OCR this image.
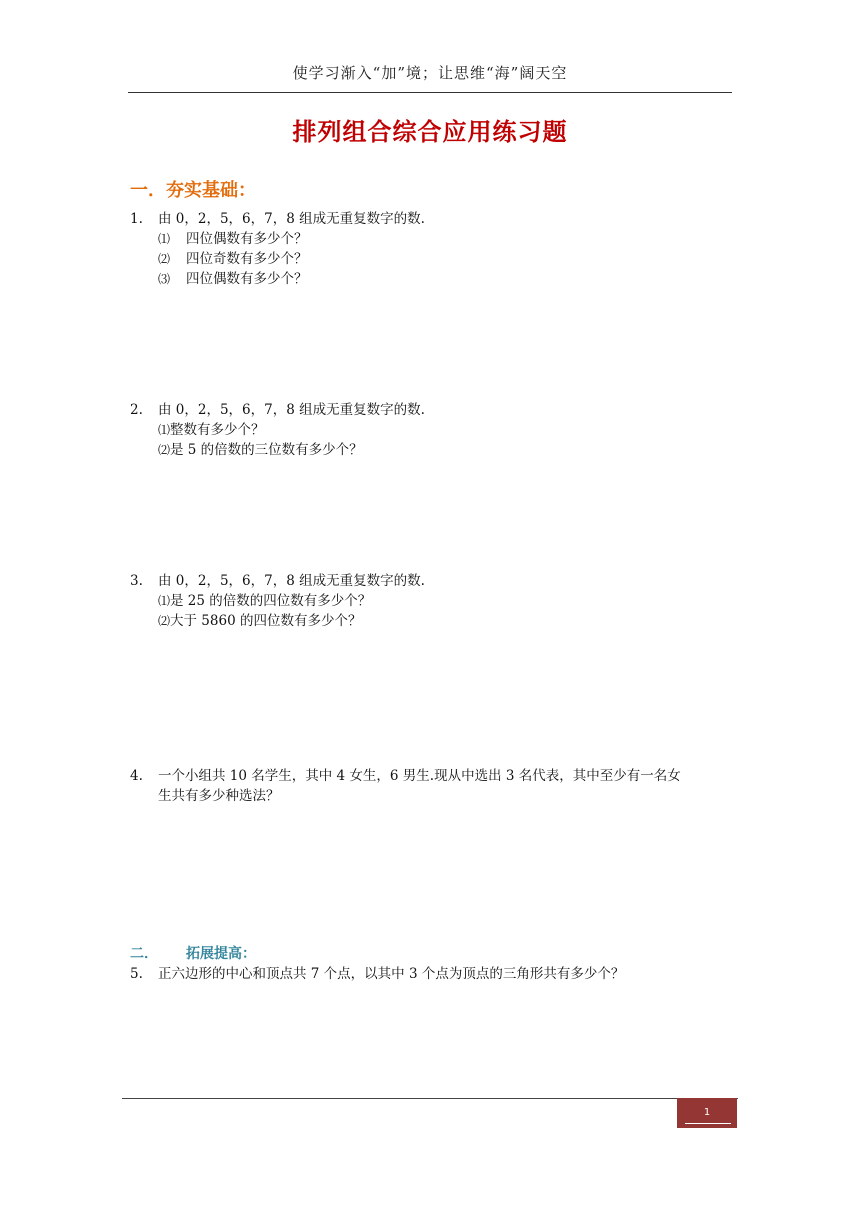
使学习渐入“加”境；让思维“海”阔天空
排列组合综合应用练习题
一．夯实基础：
1. 由 0，2，5，6，7，8 组成无重复数字的数.
⑴ 四位偶数有多少个？
⑵ 四位奇数有多少个？
⑶ 四位偶数有多少个？
2. 由 0，2，5，6，7，8 组成无重复数字的数.
⑴整数有多少个？
⑵是 5 的倍数的三位数有多少个？
3. 由 0，2，5，6，7，8 组成无重复数字的数.
⑴是 25 的倍数的四位数有多少个？
⑵大于 5860 的四位数有多少个？
4. 一个小组共 10 名学生，其中 4 女生，6 男生.现从中选出 3 名代表，其中至少有一名女
生共有多少种选法？
二． 拓展提高：
5. 正六边形的中心和顶点共 7 个点，以其中 3 个点为顶点的三角形共有多少个？
1
